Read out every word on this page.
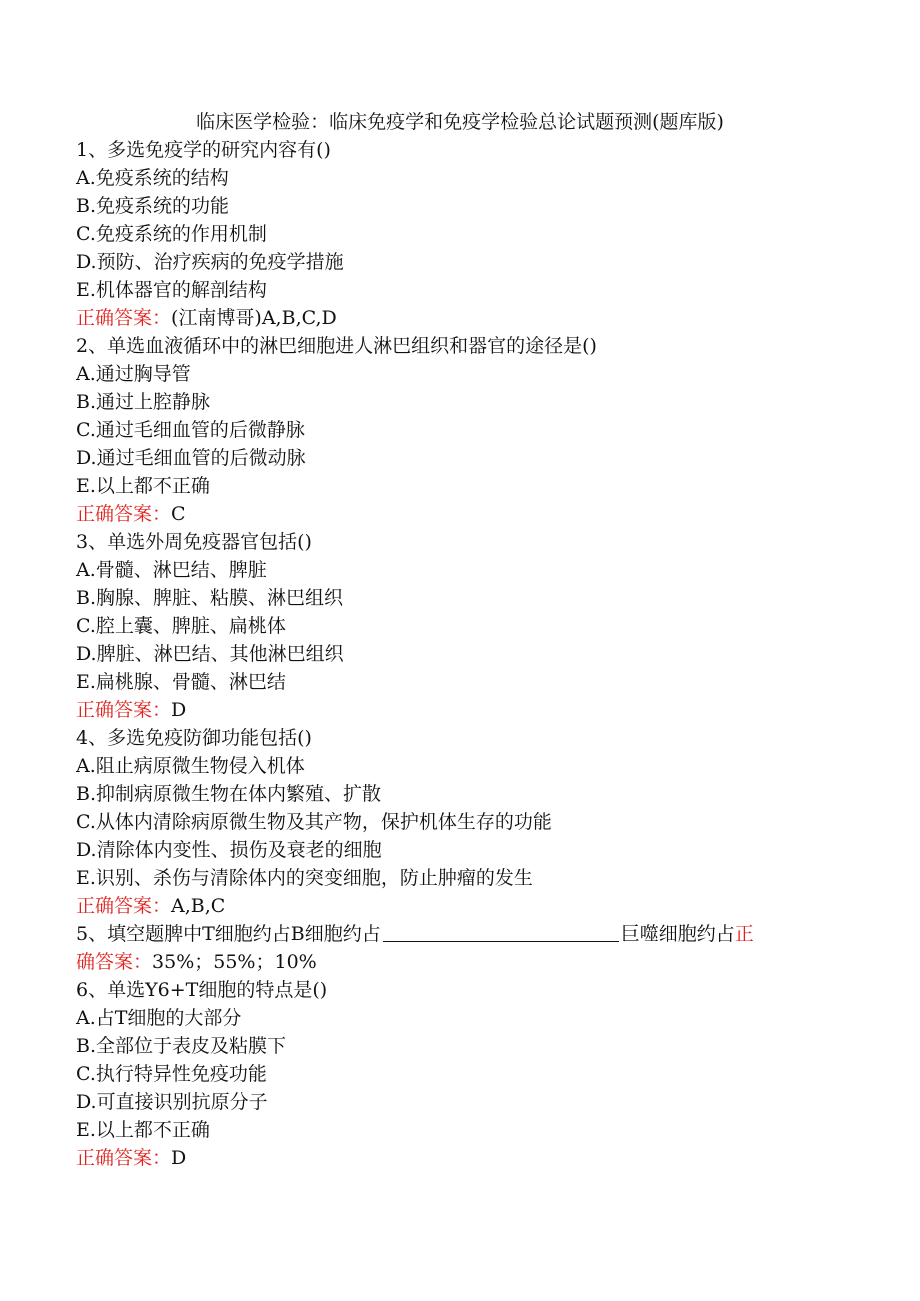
临床医学检验：临床免疫学和免疫学检验总论试题预测(题库版)
1、多选免疫学的研究内容有()
A.免疫系统的结构
B.免疫系统的功能
C.免疫系统的作用机制
D.预防、治疗疾病的免疫学措施
E.机体器官的解剖结构
正确答案：(江南博哥)A,B,C,D
2、单选血液循环中的淋巴细胞进人淋巴组织和器官的途径是()
A.通过胸导管
B.通过上腔静脉
C.通过毛细血管的后微静脉
D.通过毛细血管的后微动脉
E.以上都不正确
正确答案：C
3、单选外周免疫器官包括()
A.骨髓、淋巴结、脾脏
B.胸腺、脾脏、粘膜、淋巴组织
C.腔上囊、脾脏、扁桃体
D.脾脏、淋巴结、其他淋巴组织
E.扁桃腺、骨髓、淋巴结
正确答案：D
4、多选免疫防御功能包括()
A.阻止病原微生物侵入机体
B.抑制病原微生物在体内繁殖、扩散
C.从体内清除病原微生物及其产物，保护机体生存的功能
D.清除体内变性、损伤及衰老的细胞
E.识别、杀伤与清除体内的突变细胞，防止肿瘤的发生
正确答案：A,B,C
5、填空题脾中T细胞约占B细胞约占	巨噬细胞约占正
确答案：35%；55%；10%
6、单选Y6+T细胞的特点是()
A.占T细胞的大部分
B.全部位于表皮及粘膜下
C.执行特异性免疫功能
D.可直接识别抗原分子
E.以上都不正确
正确答案：D
